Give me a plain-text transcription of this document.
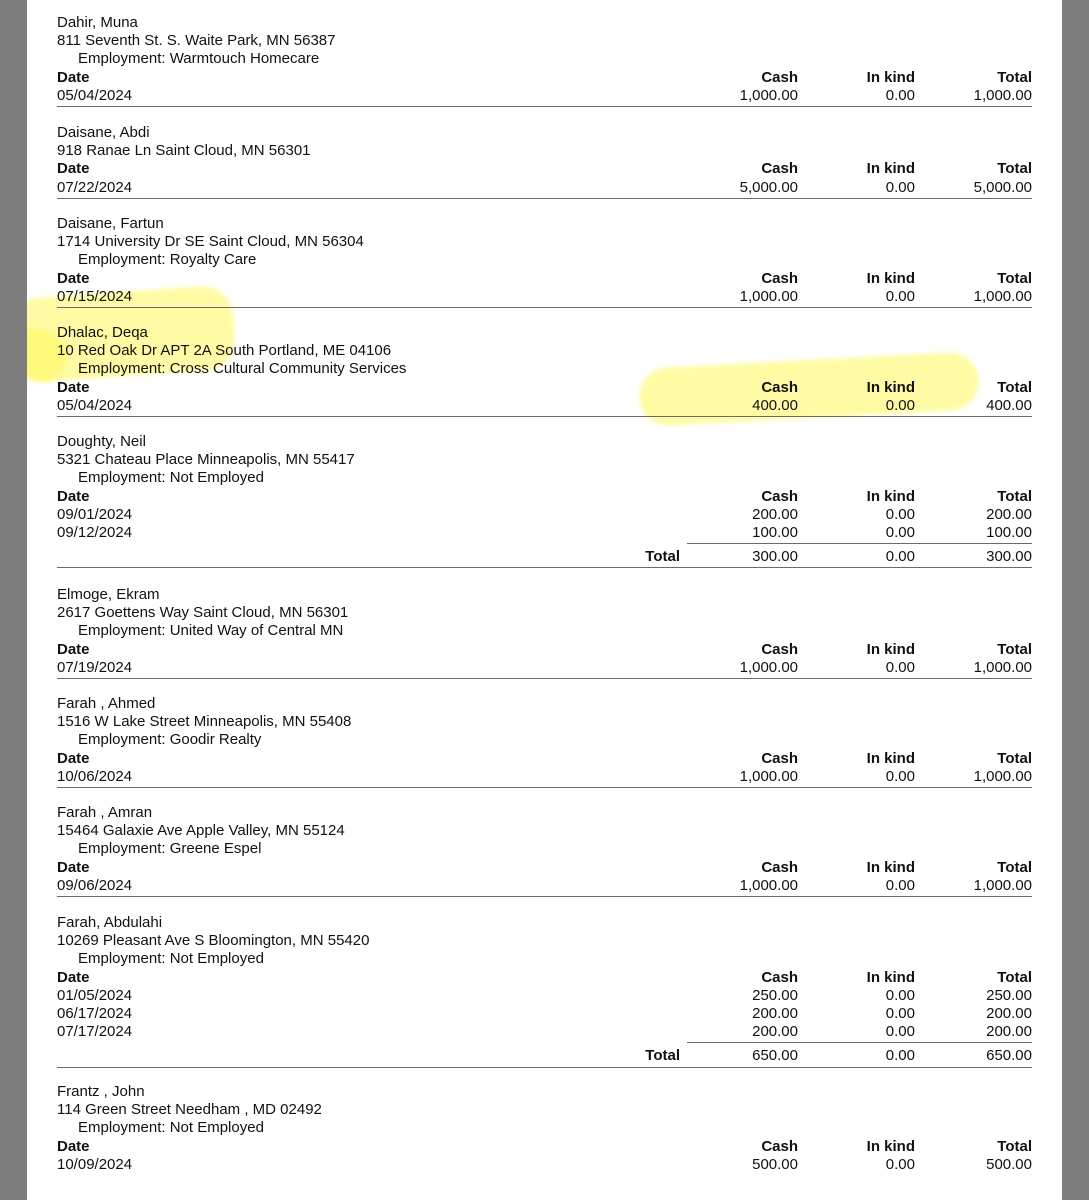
Dahir, Muna
811 Seventh St. S. Waite Park, MN 56387
Employment: Warmtouch Homecare
Date	Cash	In kind	Total
05/04/2024	1,000.00	0.00	1,000.00
Daisane, Abdi
918 Ranae Ln Saint Cloud, MN 56301
Date	Cash	In kind	Total
07/22/2024	5,000.00	0.00	5,000.00
Daisane, Fartun
1714 University Dr SE Saint Cloud, MN 56304
Employment: Royalty Care
Date	Cash	In kind	Total
07/15/2024	1,000.00	0.00	1,000.00
Dhalac, Deqa
10 Red Oak Dr APT 2A South Portland, ME 04106
Employment: Cross Cultural Community Services
Date	Cash	In kind	Total
05/04/2024	400.00	0.00	400.00
Doughty, Neil
5321 Chateau Place Minneapolis, MN 55417
Employment: Not Employed
Date	Cash	In kind	Total
09/01/2024	200.00	0.00	200.00
09/12/2024	100.00	0.00	100.00
Total	300.00	0.00	300.00
Elmoge, Ekram
2617 Goettens Way Saint Cloud, MN 56301
Employment: United Way of Central MN
Date	Cash	In kind	Total
07/19/2024	1,000.00	0.00	1,000.00
Farah , Ahmed
1516 W Lake Street Minneapolis, MN 55408
Employment: Goodir Realty
Date	Cash	In kind	Total
10/06/2024	1,000.00	0.00	1,000.00
Farah , Amran
15464 Galaxie Ave Apple Valley, MN 55124
Employment: Greene Espel
Date	Cash	In kind	Total
09/06/2024	1,000.00	0.00	1,000.00
Farah, Abdulahi
10269 Pleasant Ave S Bloomington, MN 55420
Employment: Not Employed
Date	Cash	In kind	Total
01/05/2024	250.00	0.00	250.00
06/17/2024	200.00	0.00	200.00
07/17/2024	200.00	0.00	200.00
Total	650.00	0.00	650.00
Frantz , John
114 Green Street Needham , MD 02492
Employment: Not Employed
Date	Cash	In kind	Total
10/09/2024	500.00	0.00	500.00
